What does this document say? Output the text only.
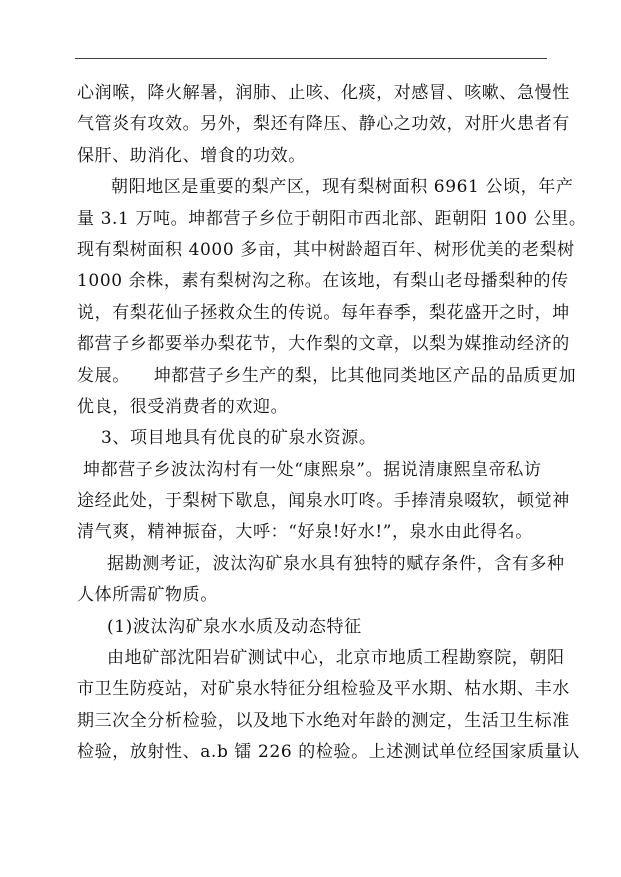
心润喉，降火解暑，润肺、止咳、化痰，对感冒、咳嗽、急慢性
气管炎有攻效。另外，梨还有降压、静心之功效，对肝火患者有
保肝、助消化、增食的功效。
朝阳地区是重要的梨产区，现有梨树面积 6961 公顷，年产
量 3.1 万吨。坤都营子乡位于朝阳市西北部、距朝阳 100 公里。
现有梨树面积 4000 多亩，其中树龄超百年、树形优美的老梨树
1000 余株，素有梨树沟之称。在该地，有梨山老母播梨种的传
说，有梨花仙子拯救众生的传说。每年春季，梨花盛开之时，坤
都营子乡都要举办梨花节，大作梨的文章，以梨为媒推动经济的
发展。    坤都营子乡生产的梨，比其他同类地区产品的品质更加
优良，很受消费者的欢迎。
3、项目地具有优良的矿泉水资源。
坤都营子乡波汰沟村有一处“康熙泉”。据说清康熙皇帝私访
途经此处，于梨树下歇息，闻泉水叮咚。手捧清泉啜软，顿觉神
清气爽，精神振奋，大呼：“好泉!好水!”，泉水由此得名。
据勘测考证，波汰沟矿泉水具有独特的赋存条件，含有多种
人体所需矿物质。
(1)波汰沟矿泉水水质及动态特征
由地矿部沈阳岩矿测试中心，北京市地质工程勘察院，朝阳
市卫生防疫站，对矿泉水特征分组检验及平水期、枯水期、丰水
期三次全分析检验，以及地下水绝对年龄的测定，生活卫生标准
检验，放射性、a.b 镭 226 的检验。上述测试单位经国家质量认
